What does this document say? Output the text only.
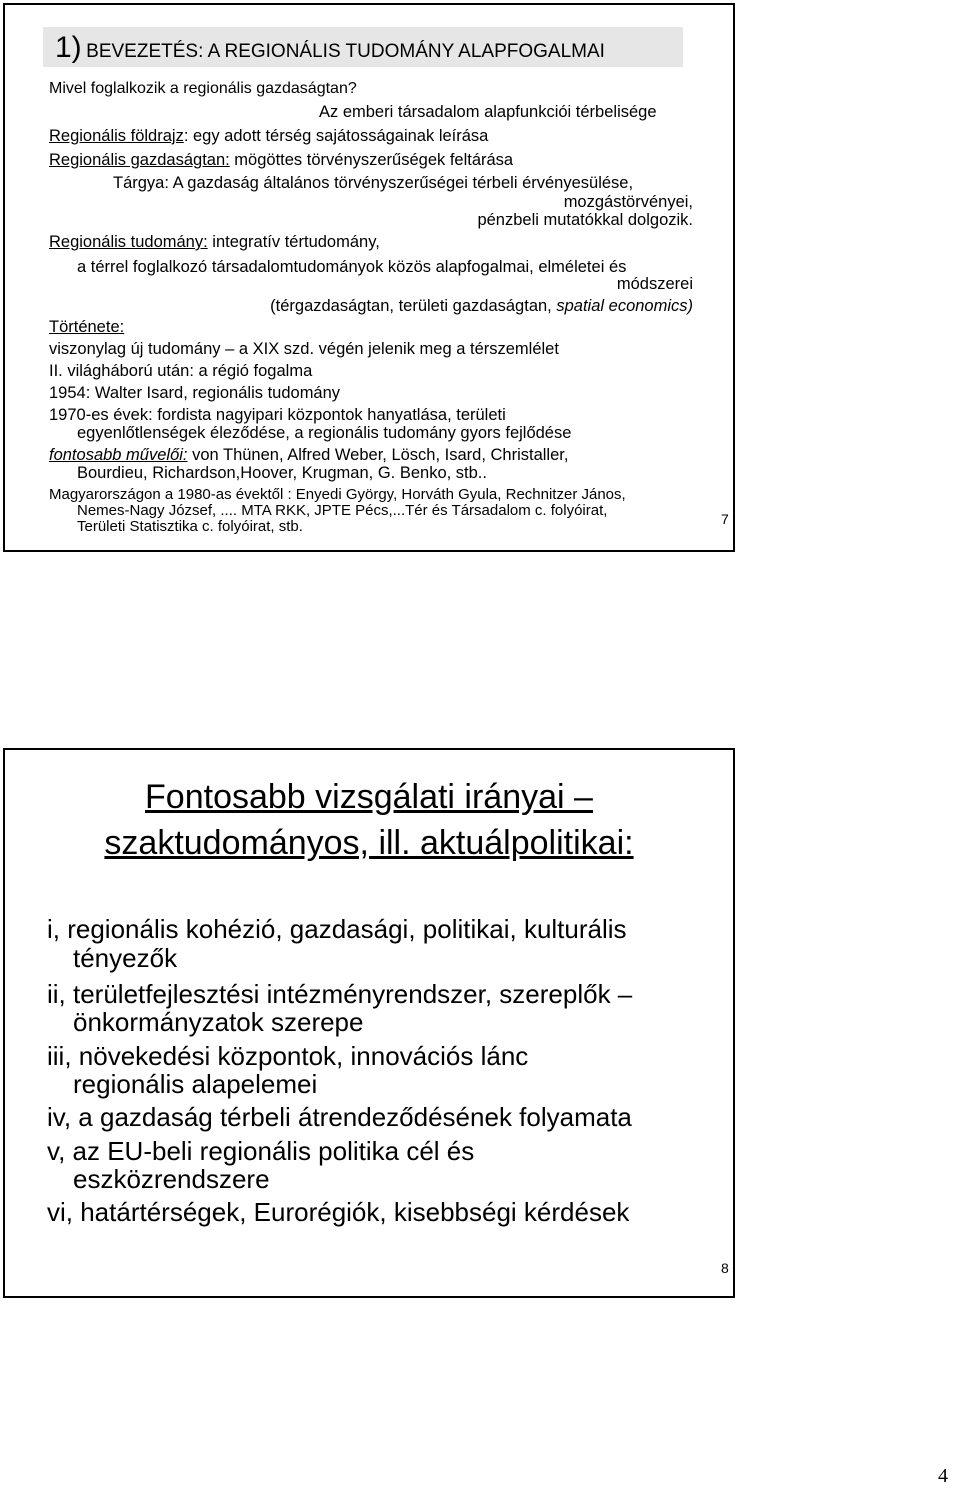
1) BEVEZETÉS: A REGIONÁLIS TUDOMÁNY ALAPFOGALMAI
Mivel foglalkozik a regionális gazdaságtan?
Az emberi társadalom alapfunkciói térbelisége
Regionális földrajz: egy adott térség sajátosságainak leírása
Regionális gazdaságtan: mögöttes törvényszerűségek feltárása
Tárgya: A gazdaság általános törvényszerűségei térbeli érvényesülése,
mozgástörvényei,
pénzbeli mutatókkal dolgozik.
Regionális tudomány: integratív tértudomány,
a térrel foglalkozó társadalomtudományok közös alapfogalmai, elméletei és
módszerei
(térgazdaságtan, területi gazdaságtan, spatial economics)
Története:
viszonylag új tudomány – a XIX szd. végén jelenik meg a térszemlélet
II. világháború után: a régió fogalma
1954: Walter Isard, regionális tudomány
1970-es évek: fordista nagyipari központok hanyatlása, területi
egyenlőtlenségek éleződése, a regionális tudomány gyors fejlődése
fontosabb művelői: von Thünen, Alfred Weber, Lösch, Isard, Christaller,
Bourdieu, Richardson,Hoover, Krugman, G. Benko, stb..
Magyarországon a 1980-as évektől : Enyedi György, Horváth Gyula, Rechnitzer János,
Nemes-Nagy József, .... MTA RKK, JPTE Pécs,...Tér és Társadalom c. folyóirat,
Területi Statisztika c. folyóirat, stb.	7
Fontosabb vizsgálati irányai –
szaktudományos, ill. aktuálpolitikai:
i, regionális kohézió, gazdasági, politikai, kulturális
tényezők
ii, területfejlesztési intézményrendszer, szereplők –
önkormányzatok szerepe
iii, növekedési központok, innovációs lánc
regionális alapelemei
iv, a gazdaság térbeli átrendeződésének folyamata
v, az EU-beli regionális politika cél és
eszközrendszere
vi, határtérségek, Eurorégiók, kisebbségi kérdések
8
4
